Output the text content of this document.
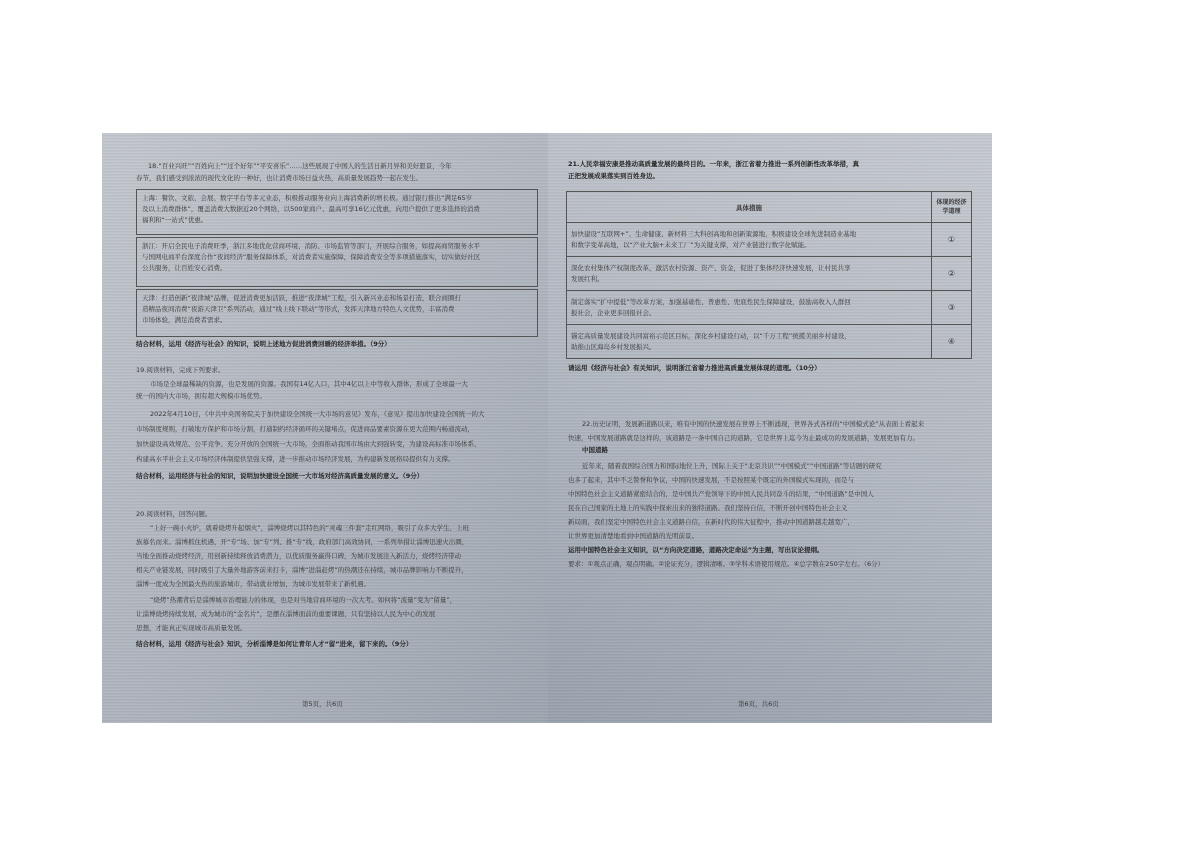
18.“百业兴旺”“百姓向上”“过个好年”“平安喜乐”……这些展现了中国人的生活日新月异和美好愿景，今年
春节，我们感受到浓浓的现代文化的一种好，也让消费市场日益火热，高质量发展趋势一起在发生。

上海：餐饮、文旅、会展、数字平台等多元业态，积极推动服务业向上海消费新的增长极。通过银行推出“满足65岁

及以上消费群体”，覆盖消费大数据近20个网络，以500家商户、最高可享16亿元优惠，向用户提供了更多选择的消费

福利和“一站式”优惠。

浙江：开启全民电子消费旺季，浙江多地优化营商环境、消防、市场监管等部门，开展综合服务，如提高商贸服务水平

与国网电商平台深度合作“夜间经济”服务保障体系，对消费者实施保障，保障消费安全等多项措施落实，切实做好社区

公共服务，让百姓安心消费。

天津：打造创新“夜津城”品牌，促进消费更加活跃，推进“夜津城”工程，引入新兴业态和场景打造，联合商圈打

造精品夜间消费“夜游天津卫”系列活动，通过“线上线下联动”等形式，发挥天津地方特色人文优势，丰富消费

市场体验，满足消费者需求。

结合材料，运用《经济与社会》的知识，说明上述地方促进消费回暖的经济举措。（9分）
19.阅读材料，完成下列要求。
市场是全球最稀缺的资源，也是发展的资源。我国有14亿人口，其中4亿以上中等收入群体，形成了全球最一大
统一的国内大市场，拥有超大规模市场优势。
2022年4月10日，《中共中央国务院关于加快建设全国统一大市场的意见》发布，《意见》提出加快建设全国统一的大
市场制度规则，打破地方保护和市场分割，打通制约经济循环的关键堵点，促进商品要素资源在更大范围内畅通流动，
加快建设高效规范、公平竞争、充分开放的全国统一大市场，全面推动我国市场由大到强转变，为建设高标准市场体系、
构建高水平社会主义市场经济体制提供坚强支撑，进一步推动市场经济发展，为构建新发展格局提供有力支撑。
结合材料，运用经济与社会的知识，说明加快建设全国统一大市场对经济高质量发展的意义。（9分）
20.阅读材料，回答问题。
“上好一碗小火炉，就着烧烤升起烟火”，淄博烧烤以其特色的“灵魂三件套”走红网络，吸引了众多大学生、上班
族慕名而来。淄博抓住机遇，开“专”场、加“专”列、推“专”线，政府部门高效协同，一系列举措让淄博迅速火出圈，
当地全面推动烧烤经济，用创新持续释放消费潜力，以优质服务赢得口碑，为城市发展注入新活力，烧烤经济带动
相关产业链发展，同时吸引了大量外地游客前来打卡，淄博“进淄赶烤”的热潮还在持续，城市品牌影响力不断提升，
淄博一度成为全国最火热的旅游城市，带动就业增加，为城市发展带来了新机遇。
“烧烤”热潮背后是淄博城市治理能力的体现，也是对当地营商环境的一次大考。如何将“流量”变为“留量”，
让淄博烧烤持续发展，成为城市的“金名片”，是摆在淄博面前的重要课题，只有坚持以人民为中心的发展
思想，才能真正实现城市高质量发展。
结合材料，运用《经济与社会》知识，分析淄博是如何让青年人才“留”进来，留下来的。（9分）
第5页，共6页
21.人民幸福安康是推动高质量发展的最终目的。一年来，浙江省着力推进一系列创新性改革举措，真
正把发展成果落实到百姓身边。
具体措施	体现的经济学道理

加快建设“互联网+”、生命健康、新材料三大科创高地和创新策源地，积极建设全球先进制造业基地
和数字变革高地，以“产业大脑+未来工厂”为关键支撑，对产业链进行数字化赋能。	①

深化农村集体产权制度改革，激活农村资源、资产、资金，促进了集体经济快速发展，让村民共享
发展红利。	②

制定落实“扩中提低”等改革方案，加强基础性、普惠性、兜底性民生保障建设，鼓励高收入人群回
报社会，企业更多回报社会。	③

锚定高质量发展建设共同富裕示范区目标，深化乡村建设行动，以“千万工程”统揽美丽乡村建设，
助推山区海岛乡村发展振兴。	④
请运用《经济与社会》有关知识，说明浙江省着力推进高质量发展体现的道理。（10分）
22.历史证明，发展新道路以来，唯有中国的快速发展在世界上不断涌现，世界各式各样的“中国模式论”从表面上看起来
快速，中国发展道路就是这样的，该道路是一条中国自己的道路，它是世界上迄今为止最成功的发展道路，发展更加有力。
中国道路
近年来，随着我国综合国力和国际地位上升，国际上关于“北京共识”“中国模式”“中国道路”等话题的研究
也多了起来，其中不乏赞誉和争议，中国的快速发展，不是按照某个既定的外国模式实现的，而是与
中国特色社会主义道路紧密结合的，是中国共产党领导下的中国人民共同奋斗的结果，“中国道路”是中国人
民在自己国家的土地上的实践中探索出来的独特道路。我们坚持自信，不断开创中国特色社会主义
新局面，我们坚定中国特色社会主义道路自信，在新时代的伟大征程中，推动中国道路越走越宽广，
让世界更加清楚地看到中国道路的光明前景。
运用中国特色社会主义知识，以“方向决定道路，道路决定命运”为主题，写出议论提纲。
要求：①观点正确，观点明确。②论证充分，逻辑清晰。③学科术语使用规范。④总字数在250字左右。（6分）
第6页，共6页
